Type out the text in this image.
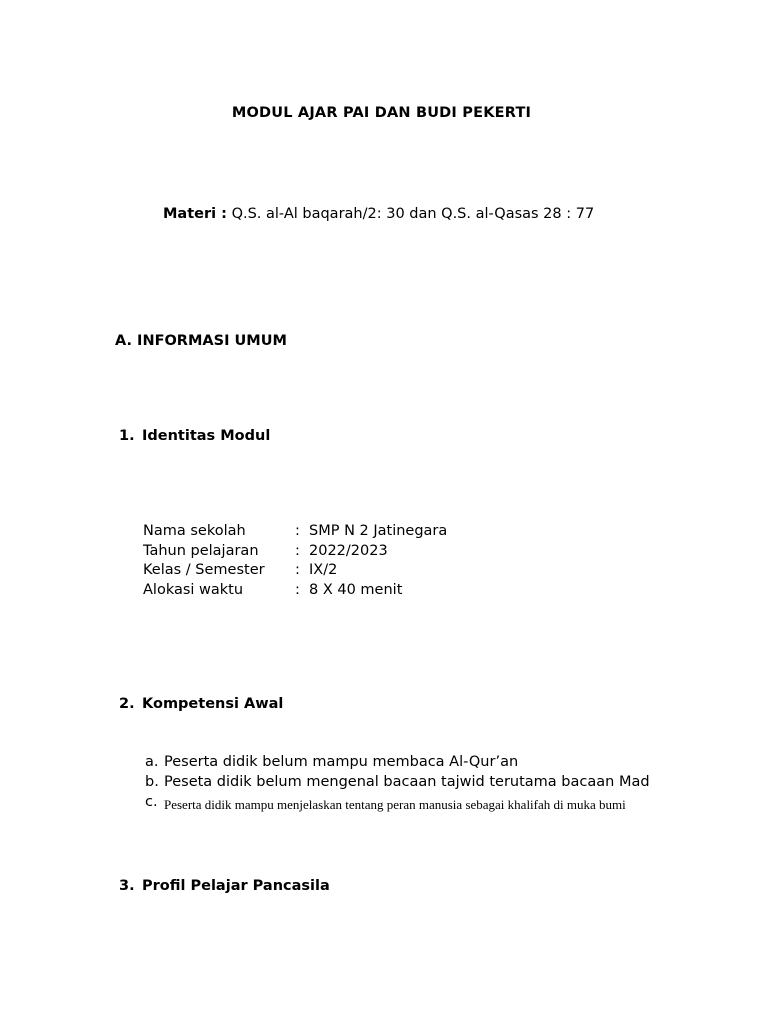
MODUL AJAR PAI DAN BUDI PEKERTI
Materi : Q.S. al-Al baqarah/2: 30 dan Q.S. al-Qasas 28 : 77
A. INFORMASI UMUM
1. Identitas Modul
Nama sekolah	: SMP N 2 Jatinegara
Tahun pelajaran	: 2022/2023
Kelas / Semester	: IX/2
Alokasi waktu	: 8 X 40 menit
2. Kompetensi Awal
a. Peserta didik belum mampu membaca Al-Qur’an
b. Peseta didik belum mengenal bacaan tajwid terutama bacaan Mad
c. Peserta didik mampu menjelaskan tentang peran manusia sebagai khalifah di muka bumi
3. Profil Pelajar Pancasila
